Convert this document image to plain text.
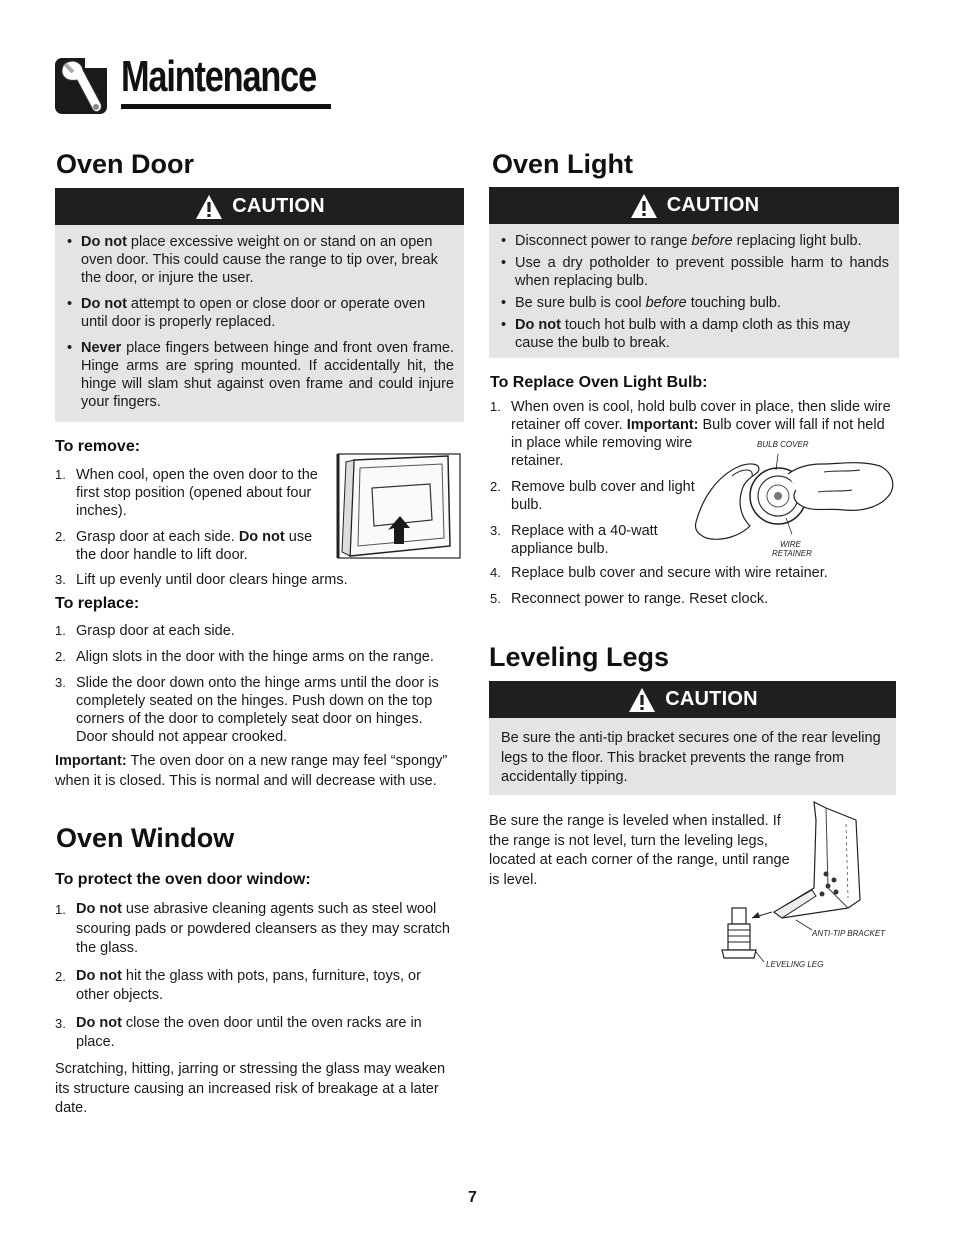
Maintenance
Oven Door
CAUTION
• Do not place excessive weight on or stand on an open oven door. This could cause the range to tip over, break the door, or injure the user.
• Do not attempt to open or close door or operate oven until door is properly replaced.
• Never place fingers between hinge and front oven frame. Hinge arms are spring mounted. If accidentally hit, the hinge will slam shut against oven frame and could injure your fingers.
To remove:
1. When cool, open the oven door to the first stop position (opened about four inches).
2. Grasp door at each side. Do not use the door handle to lift door.
3. Lift up evenly until door clears hinge arms.
To replace:
1. Grasp door at each side.
2. Align slots in the door with the hinge arms on the range.
3. Slide the door down onto the hinge arms until the door is completely seated on the hinges. Push down on the top corners of the door to completely seat door on hinges. Door should not appear crooked.

Important: The oven door on a new range may feel “spongy” when it is closed. This is normal and will decrease with use.

Oven Window
To protect the oven door window:
1. Do not use abrasive cleaning agents such as steel wool scouring pads or powdered cleansers as they may scratch the glass.
2. Do not hit the glass with pots, pans, furniture, toys, or other objects.
3. Do not close the oven door until the oven racks are in place.

Scratching, hitting, jarring or stressing the glass may weaken its structure causing an increased risk of breakage at a later date.

Oven Light
CAUTION
• Disconnect power to range before replacing light bulb.
• Use a dry potholder to prevent possible harm to hands when replacing bulb.
• Be sure bulb is cool before touching bulb.
• Do not touch hot bulb with a damp cloth as this may cause the bulb to break.
To Replace Oven Light Bulb:
1. When oven is cool, hold bulb cover in place, then slide wire retainer off cover. Important: Bulb cover will fall if not held
in place while removing wire retainer.
2. Remove bulb cover and light bulb.
3. Replace with a 40-watt appliance bulb.
4. Replace bulb cover and secure with wire retainer.
5. Reconnect power to range. Reset clock.
BULB COVER
WIRE
RETAINER
Leveling Legs
CAUTION

Be sure the anti-tip bracket secures one of the rear leveling legs to the floor. This bracket prevents the range from accidentally tipping.

Be sure the range is leveled when installed. If the range is not level, turn the leveling legs, located at each corner of the range, until range is level.

ANTI-TIP BRACKET
LEVELING LEG
7
